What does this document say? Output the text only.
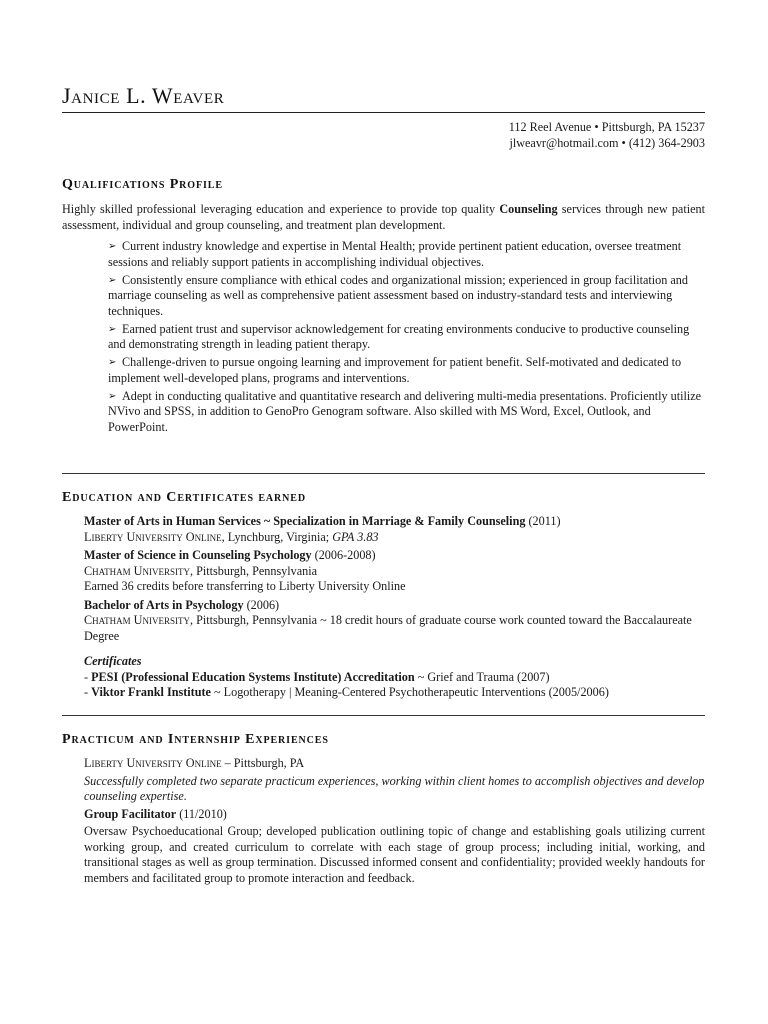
Janice L. Weaver
112 Reel Avenue • Pittsburgh, PA 15237
jlweavr@hotmail.com • (412) 364-2903
Qualifications Profile
Highly skilled professional leveraging education and experience to provide top quality Counseling services through new patient assessment, individual and group counseling, and treatment plan development.
➢ Current industry knowledge and expertise in Mental Health; provide pertinent patient education, oversee treatment sessions and reliably support patients in accomplishing individual objectives.
➢ Consistently ensure compliance with ethical codes and organizational mission; experienced in group facilitation and marriage counseling as well as comprehensive patient assessment based on industry-standard tests and interviewing techniques.
➢ Earned patient trust and supervisor acknowledgement for creating environments conducive to productive counseling and demonstrating strength in leading patient therapy.
➢ Challenge-driven to pursue ongoing learning and improvement for patient benefit. Self-motivated and dedicated to implement well-developed plans, programs and interventions.
➢ Adept in conducting qualitative and quantitative research and delivering multi-media presentations. Proficiently utilize NVivo and SPSS, in addition to GenoPro Genogram software. Also skilled with MS Word, Excel, Outlook, and PowerPoint.
Education and Certificates earned
Master of Arts in Human Services ~ Specialization in Marriage & Family Counseling (2011)
Liberty University Online, Lynchburg, Virginia; GPA 3.83
Master of Science in Counseling Psychology (2006-2008)
Chatham University, Pittsburgh, Pennsylvania
Earned 36 credits before transferring to Liberty University Online
Bachelor of Arts in Psychology (2006)
Chatham University, Pittsburgh, Pennsylvania ~ 18 credit hours of graduate course work counted toward the Baccalaureate Degree
Certificates
- PESI (Professional Education Systems Institute) Accreditation ~ Grief and Trauma (2007)
- Viktor Frankl Institute ~ Logotherapy | Meaning-Centered Psychotherapeutic Interventions (2005/2006)
Practicum and Internship Experiences
Liberty University Online – Pittsburgh, PA
Successfully completed two separate practicum experiences, working within client homes to accomplish objectives and develop counseling expertise.
Group Facilitator (11/2010)
Oversaw Psychoeducational Group; developed publication outlining topic of change and establishing goals utilizing current working group, and created curriculum to correlate with each stage of group process; including initial, working, and transitional stages as well as group termination. Discussed informed consent and confidentiality; provided weekly handouts for members and facilitated group to promote interaction and feedback.
